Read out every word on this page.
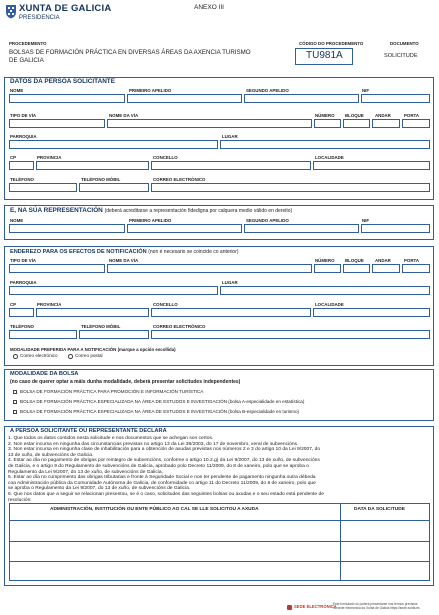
XUNTA DE GALICIA
PRESIDENCIA
ANEXO III
PROCEDEMENTO
BOLSAS DE FORMACIÓN PRÁCTICA EN DIVERSAS ÁREAS DA AXENCIA TURISMO
DE GALICIA
CÓDIGO DO PROCEDEMENTO
TU981A
DOCUMENTO
SOLICITUDE
DATOS DA PERSOA SOLICITANTE
NOME	PRIMEIRO APELIDO	SEGUNDO APELIDO	NIF
TIPO DE VÍA	NOME DA VÍA	NÚMERO BLOQUE	ANDAR	PORTA
PARROQUIA	LUGAR
CP	PROVINCIA	CONCELLO	LOCALIDADE
TELÉFONO	TELÉFONO MÓBIL	CORREO ELECTRÓNICO
E, NA SÚA REPRESENTACIÓN (deberá acreditarse a representación fidedigna por calquera medio válido en dereito)
NOME	PRIMEIRO APELIDO	SEGUNDO APELIDO	NIF
ENDEREZO PARA OS EFECTOS DE NOTIFICACIÓN (non é necesario se coincide co anterior)
TIPO DE VÍA	NOME DA VÍA	NÚMERO BLOQUE	ANDAR	PORTA
PARROQUIA	LUGAR
CP	PROVINCIA	CONCELLO	LOCALIDADE
TELÉFONO	TELÉFONO MÓBIL	CORREO ELECTRÓNICO
MODALIDADE PREFERIDA PARA A NOTIFICACIÓN (marque a opción escollida)
Correo electrónico	Correo postal
MODALIDADE DA BOLSA
(no caso de querer optar a máis dunha modalidade, deberá presentar solicitudes independentes)
BOLSA DE FORMACIÓN PRÁCTICA PARA PROMOCIÓN E INFORMACIÓN TURÍSTICA
BOLSA DE FORMACIÓN PRÁCTICA ESPECIALIZADA NA ÁREA DE ESTUDOS E INVESTIGACIÓN (bolsa A-especialidade en estatística)
BOLSA DE FORMACIÓN PRÁCTICA ESPECIALIZADA NA ÁREA DE ESTUDOS E INVESTIGACIÓN (bolsa B-especialidade en turismo)
A PERSOA SOLICITANTE OU REPRESENTANTE DECLARA
1. Que todos os datos contidos nesta solicitude e nos documentos que se achegan son certos.
2. Non estar incursa en ningunha das circunstancias previstas no artigo 13 da Lei 38/2003, do 17 de novembro, xeral de subvencións.
3. Non estar incursa en ningunha clase de inhabilitación para a obtención de axudas previstas nos números 2 e 3 do artigo 10 da Lei 9/2007, do
13 de xuño, de subvencións de Galicia.
4. Estar ao día no pagamento de obrigas por reintegro de subvencións, conforme o artigo 10.2.g) da Lei 9/2007, do 13 de xuño, de subvencións
de Galicia, e o artigo 9 do Regulamento de subvencións de Galicia, aprobado polo Decreto 11/2009, do 8 de xaneiro, polo que se aproba o
Regulamento da Lei 9/2007, do 13 de xuño, de subvencións de Galicia.
5. Estar ao día no cumprimento das obrigas tributarias e fronte á Seguridade Social e non ter pendente de pagamento ningunha outra débeda
coa Administración pública da Comunidade Autónoma de Galicia, de conformidade co artigo 11 do Decreto 11/2009, do 8 de xaneiro, polo que
se aproba o Regulamento da Lei 9/2007, do 13 de xuño, de subvencións de Galicia.
6. Que nos datos que a seguir se relacionan presentou, se é o caso, solicitudes das seguintes bolsas ou axudas e o seu estado está pendente de
resolución:
ADMINISTRACIÓN, INSTITUCIÓN OU ENTE PÚBLICO AO CAL SE LLE SOLICITOU A AXUDA	DATA DA SOLICITUDE
SEDE ELECTRÓNICA
Este formulario só poderá presentarse nos termos previstos
na sede electrónica da Xunta de Galicia https://sede.xunta.es
